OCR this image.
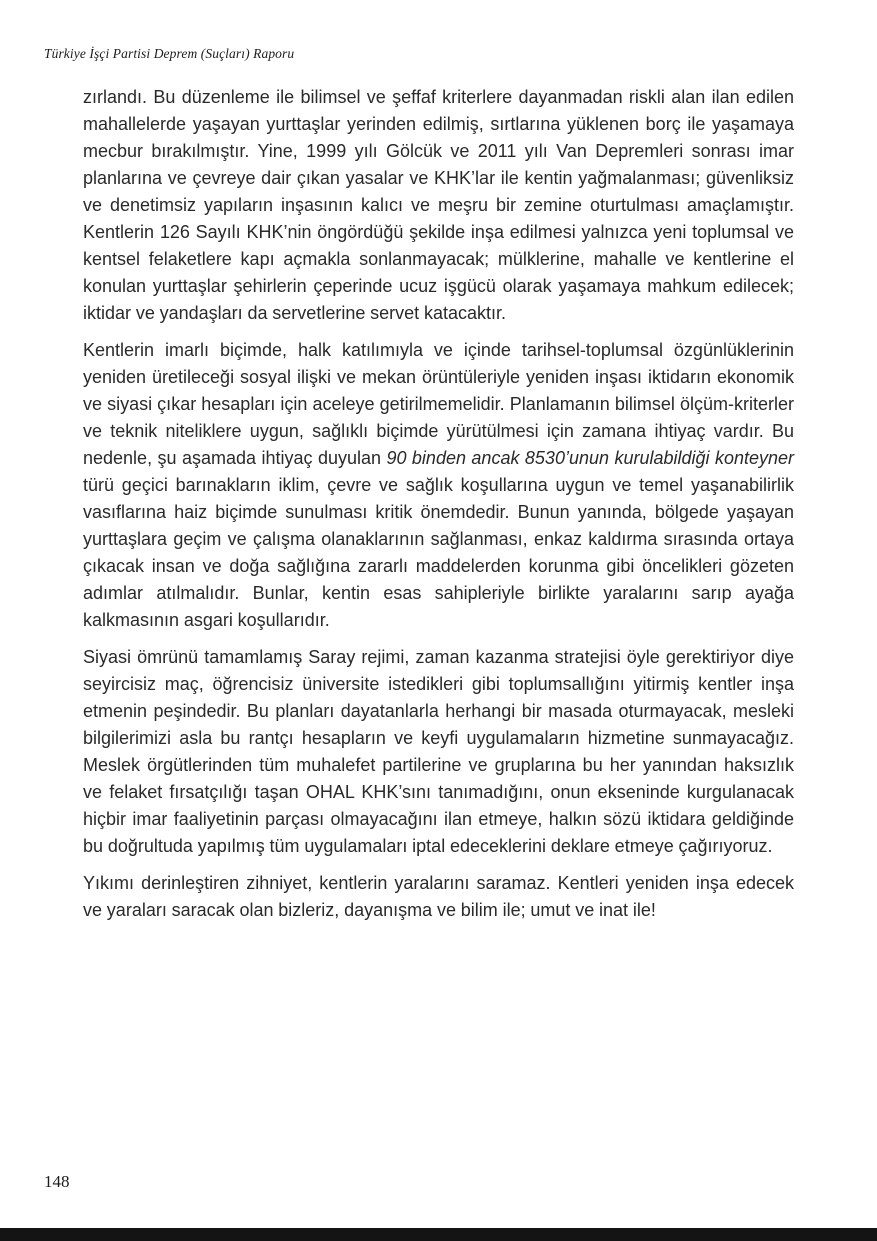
Türkiye İşçi Partisi Deprem (Suçları) Raporu

zırlandı. Bu düzenleme ile bilimsel ve şeffaf kriterlere dayanmadan riskli alan ilan edilen mahallelerde yaşayan yurttaşlar yerinden edilmiş, sırtlarına yüklenen borç ile yaşamaya mecbur bırakılmıştır. Yine, 1999 yılı Gölcük ve 2011 yılı Van Depremleri sonrası imar planlarına ve çevreye dair çıkan yasalar ve KHK’lar ile kentin yağmalanması; güvenliksiz ve denetimsiz yapıların inşasının kalıcı ve meşru bir zemine oturtulması amaçlamıştır. Kentlerin 126 Sayılı KHK’nin öngördüğü şekilde inşa edilmesi yalnızca yeni toplumsal ve kentsel felaketlere kapı açmakla sonlanmayacak; mülklerine, mahalle ve kentlerine el konulan yurttaşlar şehirlerin çeperinde ucuz işgücü olarak yaşamaya mahkum edilecek; iktidar ve yandaşları da servetlerine servet katacaktır.

Kentlerin imarlı biçimde, halk katılımıyla ve içinde tarihsel-toplumsal özgünlüklerinin yeniden üretileceği sosyal ilişki ve mekan örüntüleriyle yeniden inşası iktidarın ekonomik ve siyasi çıkar hesapları için aceleye getirilmemelidir. Planlamanın bilimsel ölçüm-kriterler ve teknik niteliklere uygun, sağlıklı biçimde yürütülmesi için zamana ihtiyaç vardır. Bu nedenle, şu aşamada ihtiyaç duyulan 90 binden ancak 8530’unun kurulabildiği konteyner türü geçici barınakların iklim, çevre ve sağlık koşullarına uygun ve temel yaşanabilirlik vasıflarına haiz biçimde sunulması kritik önemdedir. Bunun yanında, bölgede yaşayan yurttaşlara geçim ve çalışma olanaklarının sağlanması, enkaz kaldırma sırasında ortaya çıkacak insan ve doğa sağlığına zararlı maddelerden korunma gibi öncelikleri gözeten adımlar atılmalıdır. Bunlar, kentin esas sahipleriyle birlikte yaralarını sarıp ayağa kalkmasının asgari koşullarıdır.

Siyasi ömrünü tamamlamış Saray rejimi, zaman kazanma stratejisi öyle gerektiriyor diye seyircisiz maç, öğrencisiz üniversite istedikleri gibi toplumsallığını yitirmiş kentler inşa etmenin peşindedir. Bu planları dayatanlarla herhangi bir masada oturmayacak, mesleki bilgilerimizi asla bu rantçı hesapların ve keyfi uygulamaların hizmetine sunmayacağız. Meslek örgütlerinden tüm muhalefet partilerine ve gruplarına bu her yanından haksızlık ve felaket fırsatçılığı taşan OHAL KHK’sını tanımadığını, onun ekseninde kurgulanacak hiçbir imar faaliyetinin parçası olmayacağını ilan etmeye, halkın sözü iktidara geldiğinde bu doğrultuda yapılmış tüm uygulamaları iptal edeceklerini deklare etmeye çağırıyoruz.

Yıkımı derinleştiren zihniyet, kentlerin yaralarını saramaz. Kentleri yeniden inşa edecek ve yaraları saracak olan bizleriz, dayanışma ve bilim ile; umut ve inat ile!

148
